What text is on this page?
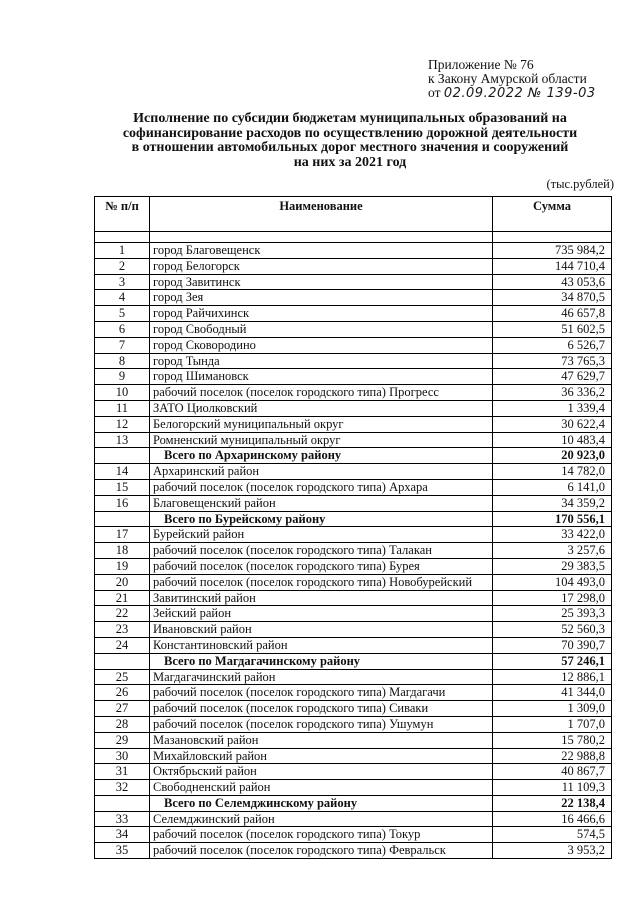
Приложение № 76
к Закону Амурской области
от 02.09.2022 № 139-03
Исполнение по субсидии бюджетам муниципальных образований на
софинансирование расходов по осуществлению дорожной деятельности
в отношении автомобильных дорог местного значения и сооружений
на них за 2021 год
(тыс.рублей)
№ п/п	Наименование	Сумма

1	город Благовещенск	735 984,2
2	город Белогорск	144 710,4
3	город Завитинск	43 053,6
4	город Зея	34 870,5
5	город Райчихинск	46 657,8
6	город Свободный	51 602,5
7	город Сковородино	6 526,7
8	город Тында	73 765,3
9	город Шимановск	47 629,7
10	рабочий поселок (поселок городского типа) Прогресс	36 336,2
11	ЗАТО Циолковский	1 339,4
12	Белогорский муниципальный округ	30 622,4
13	Ромненский муниципальный округ	10 483,4
	Всего по Архаринскому району	20 923,0
14	Архаринский район	14 782,0
15	рабочий поселок (поселок городского типа) Архара	6 141,0
16	Благовещенский район	34 359,2
	Всего по Бурейскому району	170 556,1
17	Бурейский район	33 422,0
18	рабочий поселок (поселок городского типа) Талакан	3 257,6
19	рабочий поселок (поселок городского типа) Бурея	29 383,5
20	рабочий поселок (поселок городского типа) Новобурейский	104 493,0
21	Завитинский район	17 298,0
22	Зейский район	25 393,3
23	Ивановский район	52 560,3
24	Константиновский район	70 390,7
	Всего по Магдагачинскому району	57 246,1
25	Магдагачинский район	12 886,1
26	рабочий поселок (поселок городского типа) Магдагачи	41 344,0
27	рабочий поселок (поселок городского типа) Сиваки	1 309,0
28	рабочий поселок (поселок городского типа) Ушумун	1 707,0
29	Мазановский район	15 780,2
30	Михайловский район	22 988,8
31	Октябрьский район	40 867,7
32	Свободненский район	11 109,3
	Всего по Селемджинскому району	22 138,4
33	Селемджинский район	16 466,6
34	рабочий поселок (поселок городского типа) Токур	574,5
35	рабочий поселок (поселок городского типа) Февральск	3 953,2
